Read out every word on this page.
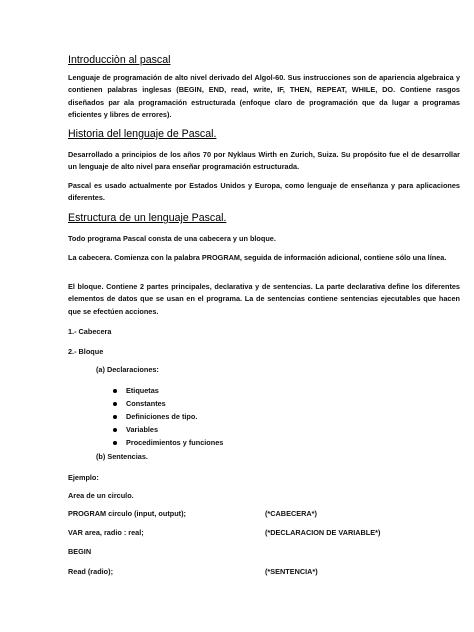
Introducciòn al pascal

Lenguaje de programación de alto nivel derivado del Algol-60. Sus instrucciones son de apariencia algebraica y contienen palabras inglesas (BEGIN, END, read, write, IF, THEN, REPEAT, WHILE, DO. Contiene rasgos diseñados par ala programación estructurada (enfoque claro de programación que da lugar a programas eficientes y libres de errores).

Historia del lenguaje de Pascal.

Desarrollado a principios de los años 70 por Nyklaus Wirth en Zurich, Suiza. Su propósito fue el de desarrollar un lenguaje de alto nivel para enseñar programación estructurada.

Pascal es usado actualmente por Estados Unidos y Europa, como lenguaje de enseñanza y para aplicaciones diferentes.

Estructura de un lenguaje Pascal.

Todo programa Pascal consta de una cabecera y un bloque.

La cabecera. Comienza con la palabra PROGRAM, seguida de información adicional, contiene sólo una línea.

El bloque. Contiene 2 partes principales, declarativa y de sentencias. La parte declarativa define los diferentes elementos de datos que se usan en el programa. La de sentencias contiene sentencias ejecutables que hacen que se efectúen acciones.

1.- Cabecera

2.- Bloque

(a) Declaraciones:

Etiquetas
Constantes
Definiciones de tipo.
Variables
Procedimientos y funciones

(b) Sentencias.

Ejemplo:

Area de un circulo.

PROGRAM circulo (input, output);	(*CABECERA*)

VAR area, radio : real;	(*DECLARACION DE VARIABLE*)

BEGIN

Read (radio);	(*SENTENCIA*)
